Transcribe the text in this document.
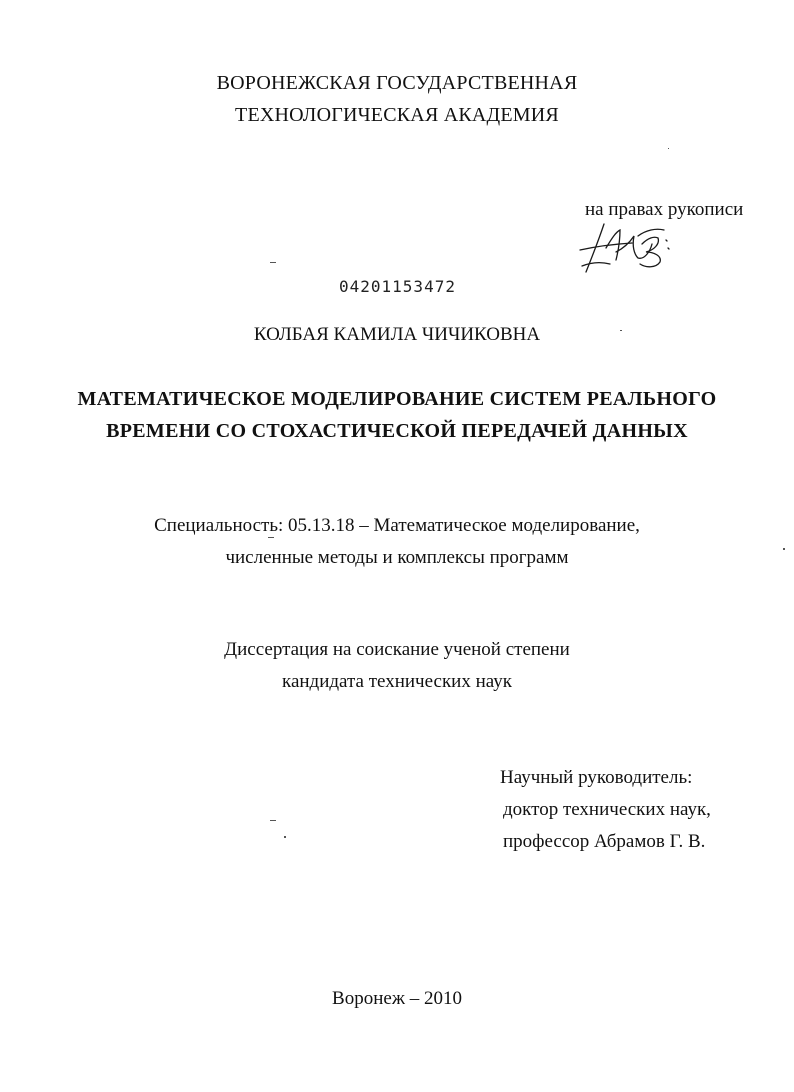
ВОРОНЕЖСКАЯ ГОСУДАРСТВЕННАЯ
ТЕХНОЛОГИЧЕСКАЯ АКАДЕМИЯ
на правах рукописи
04201153472
КОЛБАЯ КАМИЛА ЧИЧИКОВНА
МАТЕМАТИЧЕСКОЕ МОДЕЛИРОВАНИЕ СИСТЕМ РЕАЛЬНОГО
ВРЕМЕНИ СО СТОХАСТИЧЕСКОЙ ПЕРЕДАЧЕЙ ДАННЫХ
Специальность: 05.13.18 – Математическое моделирование,
численные методы и комплексы программ
Диссертация на соискание ученой степени
кандидата технических наук
Научный руководитель:
доктор технических наук,
профессор Абрамов Г. В.
Воронеж – 2010
